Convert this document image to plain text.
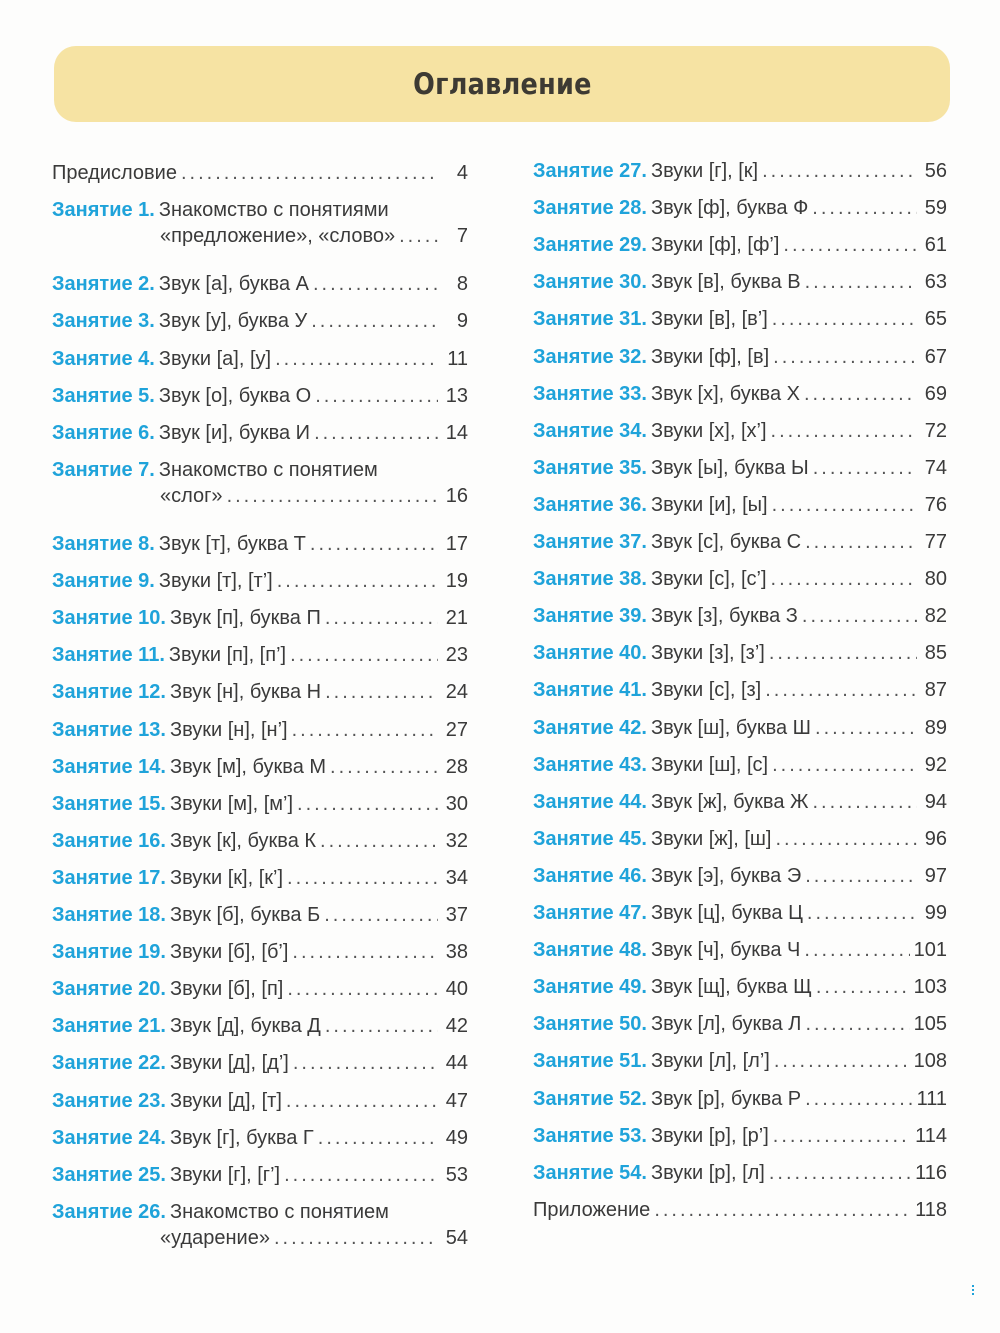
Оглавление
Предисловие .....	4
Занятие 1. Знакомство с понятиями
«предложение», «слово» .....	7
Занятие 2. Звук [а], буква А .....	8
Занятие 3. Звук [у], буква У .....	9
Занятие 4. Звуки [а], [у] .....	11
Занятие 5. Звук [о], буква О .....	13
Занятие 6. Звук [и], буква И .....	14
Занятие 7. Знакомство с понятием
«слог» .....	16
Занятие 8. Звук [т], буква Т .....	17
Занятие 9. Звуки [т], [т’] .....	19
Занятие 10. Звук [п], буква П .....	21
Занятие 11. Звуки [п], [п’] .....	23
Занятие 12. Звук [н], буква Н .....	24
Занятие 13. Звуки [н], [н’] .....	27
Занятие 14. Звук [м], буква М .....	28
Занятие 15. Звуки [м], [м’] .....	30
Занятие 16. Звук [к], буква К .....	32
Занятие 17. Звуки [к], [к’] .....	34
Занятие 18. Звук [б], буква Б .....	37
Занятие 19. Звуки [б], [б’] .....	38
Занятие 20. Звуки [б], [п] .....	40
Занятие 21. Звук [д], буква Д .....	42
Занятие 22. Звуки [д], [д’] .....	44
Занятие 23. Звуки [д], [т] .....	47
Занятие 24. Звук [г], буква Г .....	49
Занятие 25. Звуки [г], [г’] .....	53
Занятие 26. Знакомство с понятием
«ударение» .....	54
Занятие 27. Звуки [г], [к] .....	56
Занятие 28. Звук [ф], буква Ф .....	59
Занятие 29. Звуки [ф], [ф’] .....	61
Занятие 30. Звук [в], буква В .....	63
Занятие 31. Звуки [в], [в’] .....	65
Занятие 32. Звуки [ф], [в] .....	67
Занятие 33. Звук [х], буква Х .....	69
Занятие 34. Звуки [х], [х’] .....	72
Занятие 35. Звук [ы], буква Ы .....	74
Занятие 36. Звуки [и], [ы] .....	76
Занятие 37. Звук [с], буква С .....	77
Занятие 38. Звуки [с], [с’] .....	80
Занятие 39. Звук [з], буква З .....	82
Занятие 40. Звуки [з], [з’] .....	85
Занятие 41. Звуки [с], [з] .....	87
Занятие 42. Звук [ш], буква Ш .....	89
Занятие 43. Звуки [ш], [с] .....	92
Занятие 44. Звук [ж], буква Ж .....	94
Занятие 45. Звуки [ж], [ш] .....	96
Занятие 46. Звук [э], буква Э .....	97
Занятие 47. Звук [ц], буква Ц .....	99
Занятие 48. Звук [ч], буква Ч .....	101
Занятие 49. Звук [щ], буква Щ .....	103
Занятие 50. Звук [л], буква Л .....	105
Занятие 51. Звуки [л], [л’] .....	108
Занятие 52. Звук [р], буква Р .....	111
Занятие 53. Звуки [р], [р’] .....	114
Занятие 54. Звуки [р], [л] .....	116
Приложение .....	118
